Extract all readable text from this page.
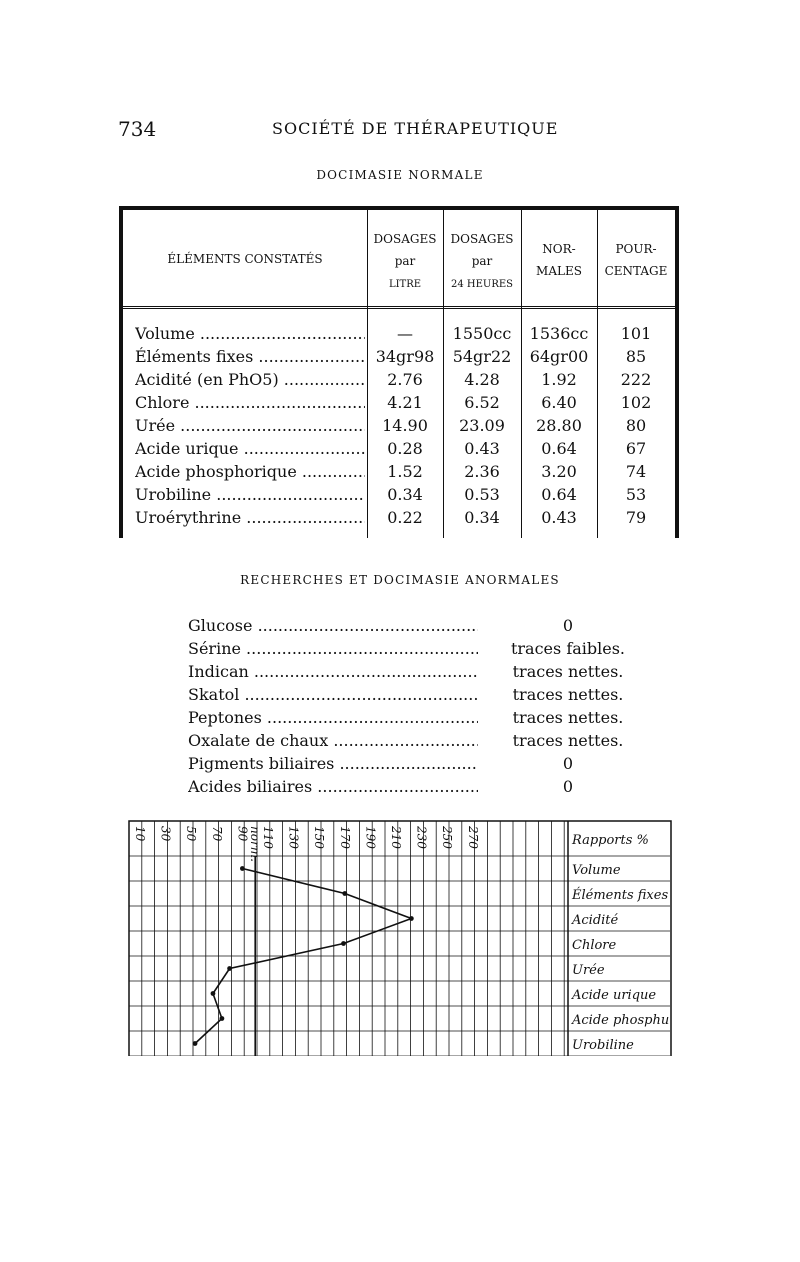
734	SOCIÉTÉ DE THÉRAPEUTIQUE
DOCIMASIE NORMALE
ÉLÉMENTS CONSTATÉS
DOSAGES
par
LITRE
DOSAGES
par
24 HEURES
NOR-
MALES
POUR-
CENTAGE
Volume .....	—	1550cc	1536cc	101
Éléments fixes .....	34gr98	54gr22	64gr00	85
Acidité (en PhO5) .....	2.76	4.28	1.92	222
Chlore .....	4.21	6.52	6.40	102
Urée .....	14.90	23.09	28.80	80
Acide urique .....	0.28	0.43	0.64	67
Acide phosphorique .....	1.52	2.36	3.20	74
Urobiline .....	0.34	0.53	0.64	53
Uroérythrine .....	0.22	0.34	0.43	79
RECHERCHES ET DOCIMASIE ANORMALES
Glucose .....	0
Sérine .....	traces faibles.
Indican .....	traces nettes.
Skatol .....	traces nettes.
Peptones .....	traces nettes.
Oxalate de chaux .....	traces nettes.
Pigments biliaires .....	0
Acides biliaires .....	0
10 30 50 70 90
norm.
110 130 150 170 190 210 230 250 270	Rapports %
Volume
Éléments fixes
Acidité
Chlore
Urée
Acide urique
Acide phosphu
Urobiline
